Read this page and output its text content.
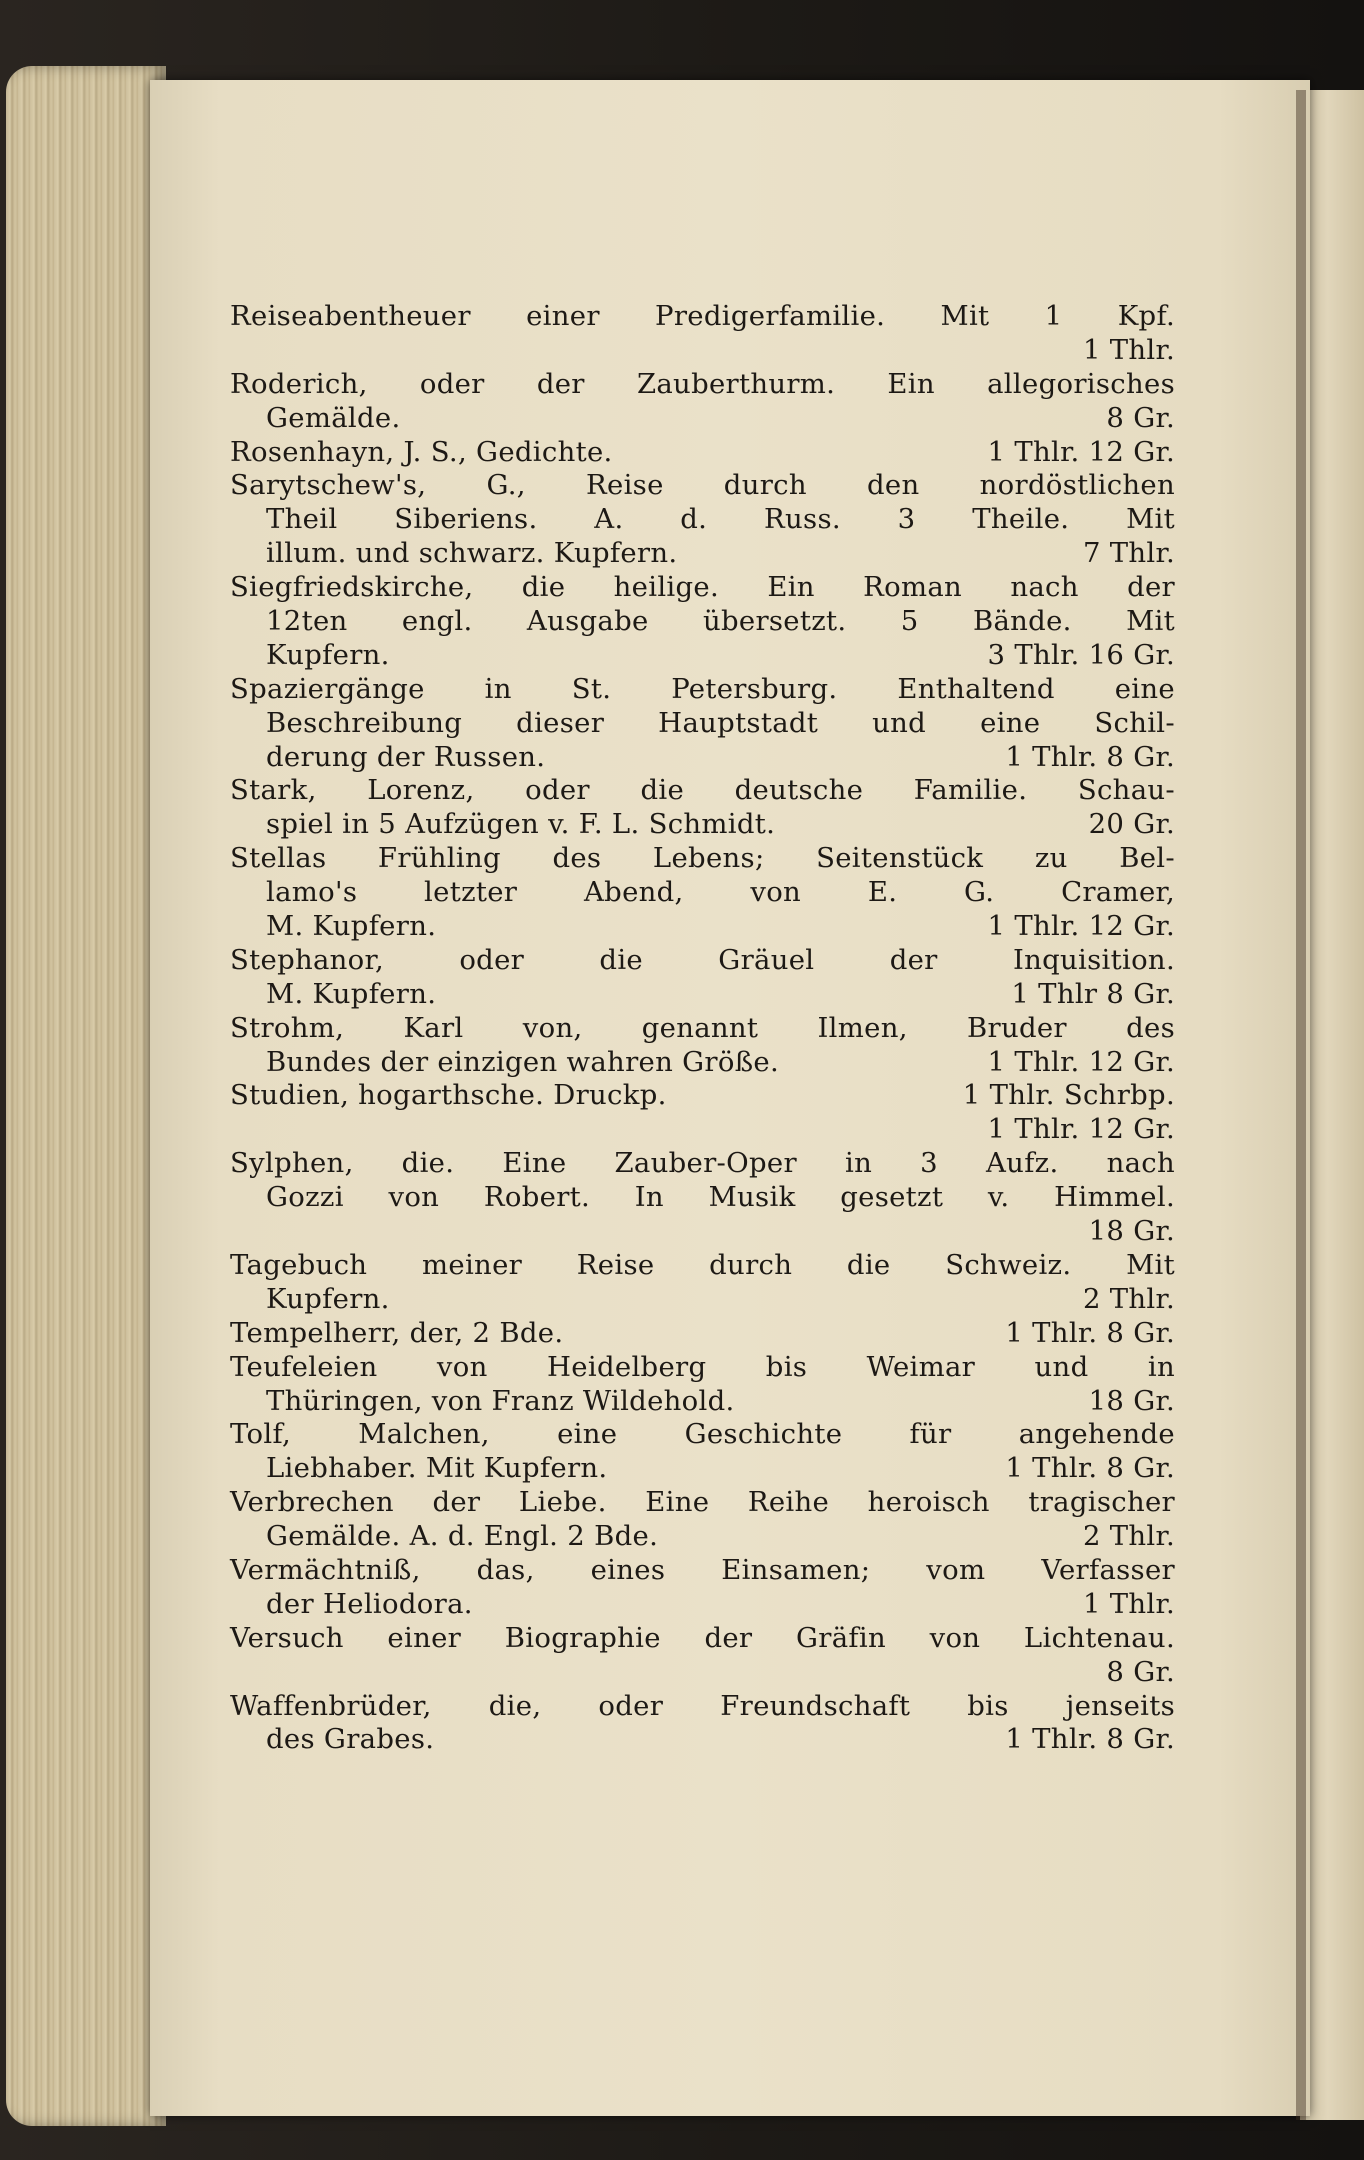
Reiseabentheuer einer Predigerfamilie. Mit 1 Kpf.
1 Thlr.
Roderich, oder der Zauberthurm. Ein allegorisches
Gemälde.	8 Gr.
Rosenhayn, J. S., Gedichte.	1 Thlr. 12 Gr.
Sarytschew's, G., Reise durch den nordöstlichen
Theil Siberiens. A. d. Russ. 3 Theile. Mit
illum. und schwarz. Kupfern.	7 Thlr.
Siegfriedskirche, die heilige. Ein Roman nach der
12ten engl. Ausgabe übersetzt. 5 Bände. Mit
Kupfern.	3 Thlr. 16 Gr.
Spaziergänge in St. Petersburg. Enthaltend eine
Beschreibung dieser Hauptstadt und eine Schil-
derung der Russen.	1 Thlr. 8 Gr.
Stark, Lorenz, oder die deutsche Familie. Schau-
spiel in 5 Aufzügen v. F. L. Schmidt.	20 Gr.
Stellas Frühling des Lebens; Seitenstück zu Bel-
lamo's letzter Abend, von E. G. Cramer,
M. Kupfern.	1 Thlr. 12 Gr.
Stephanor, oder die Gräuel der Inquisition.
M. Kupfern.	1 Thlr 8 Gr.
Strohm, Karl von, genannt Ilmen, Bruder des
Bundes der einzigen wahren Größe.	1 Thlr. 12 Gr.
Studien, hogarthsche. Druckp.	1 Thlr. Schrbp.
1 Thlr. 12 Gr.
Sylphen, die. Eine Zauber-Oper in 3 Aufz. nach
Gozzi von Robert. In Musik gesetzt v. Himmel.
18 Gr.
Tagebuch meiner Reise durch die Schweiz. Mit
Kupfern.	2 Thlr.
Tempelherr, der, 2 Bde.	1 Thlr. 8 Gr.
Teufeleien von Heidelberg bis Weimar und in
Thüringen, von Franz Wildehold.	18 Gr.
Tolf, Malchen, eine Geschichte für angehende
Liebhaber. Mit Kupfern.	1 Thlr. 8 Gr.
Verbrechen der Liebe. Eine Reihe heroisch tragischer
Gemälde. A. d. Engl. 2 Bde.	2 Thlr.
Vermächtniß, das, eines Einsamen; vom Verfasser
der Heliodora.	1 Thlr.
Versuch einer Biographie der Gräfin von Lichtenau.
8 Gr.
Waffenbrüder, die, oder Freundschaft bis jenseits
des Grabes.	1 Thlr. 8 Gr.
